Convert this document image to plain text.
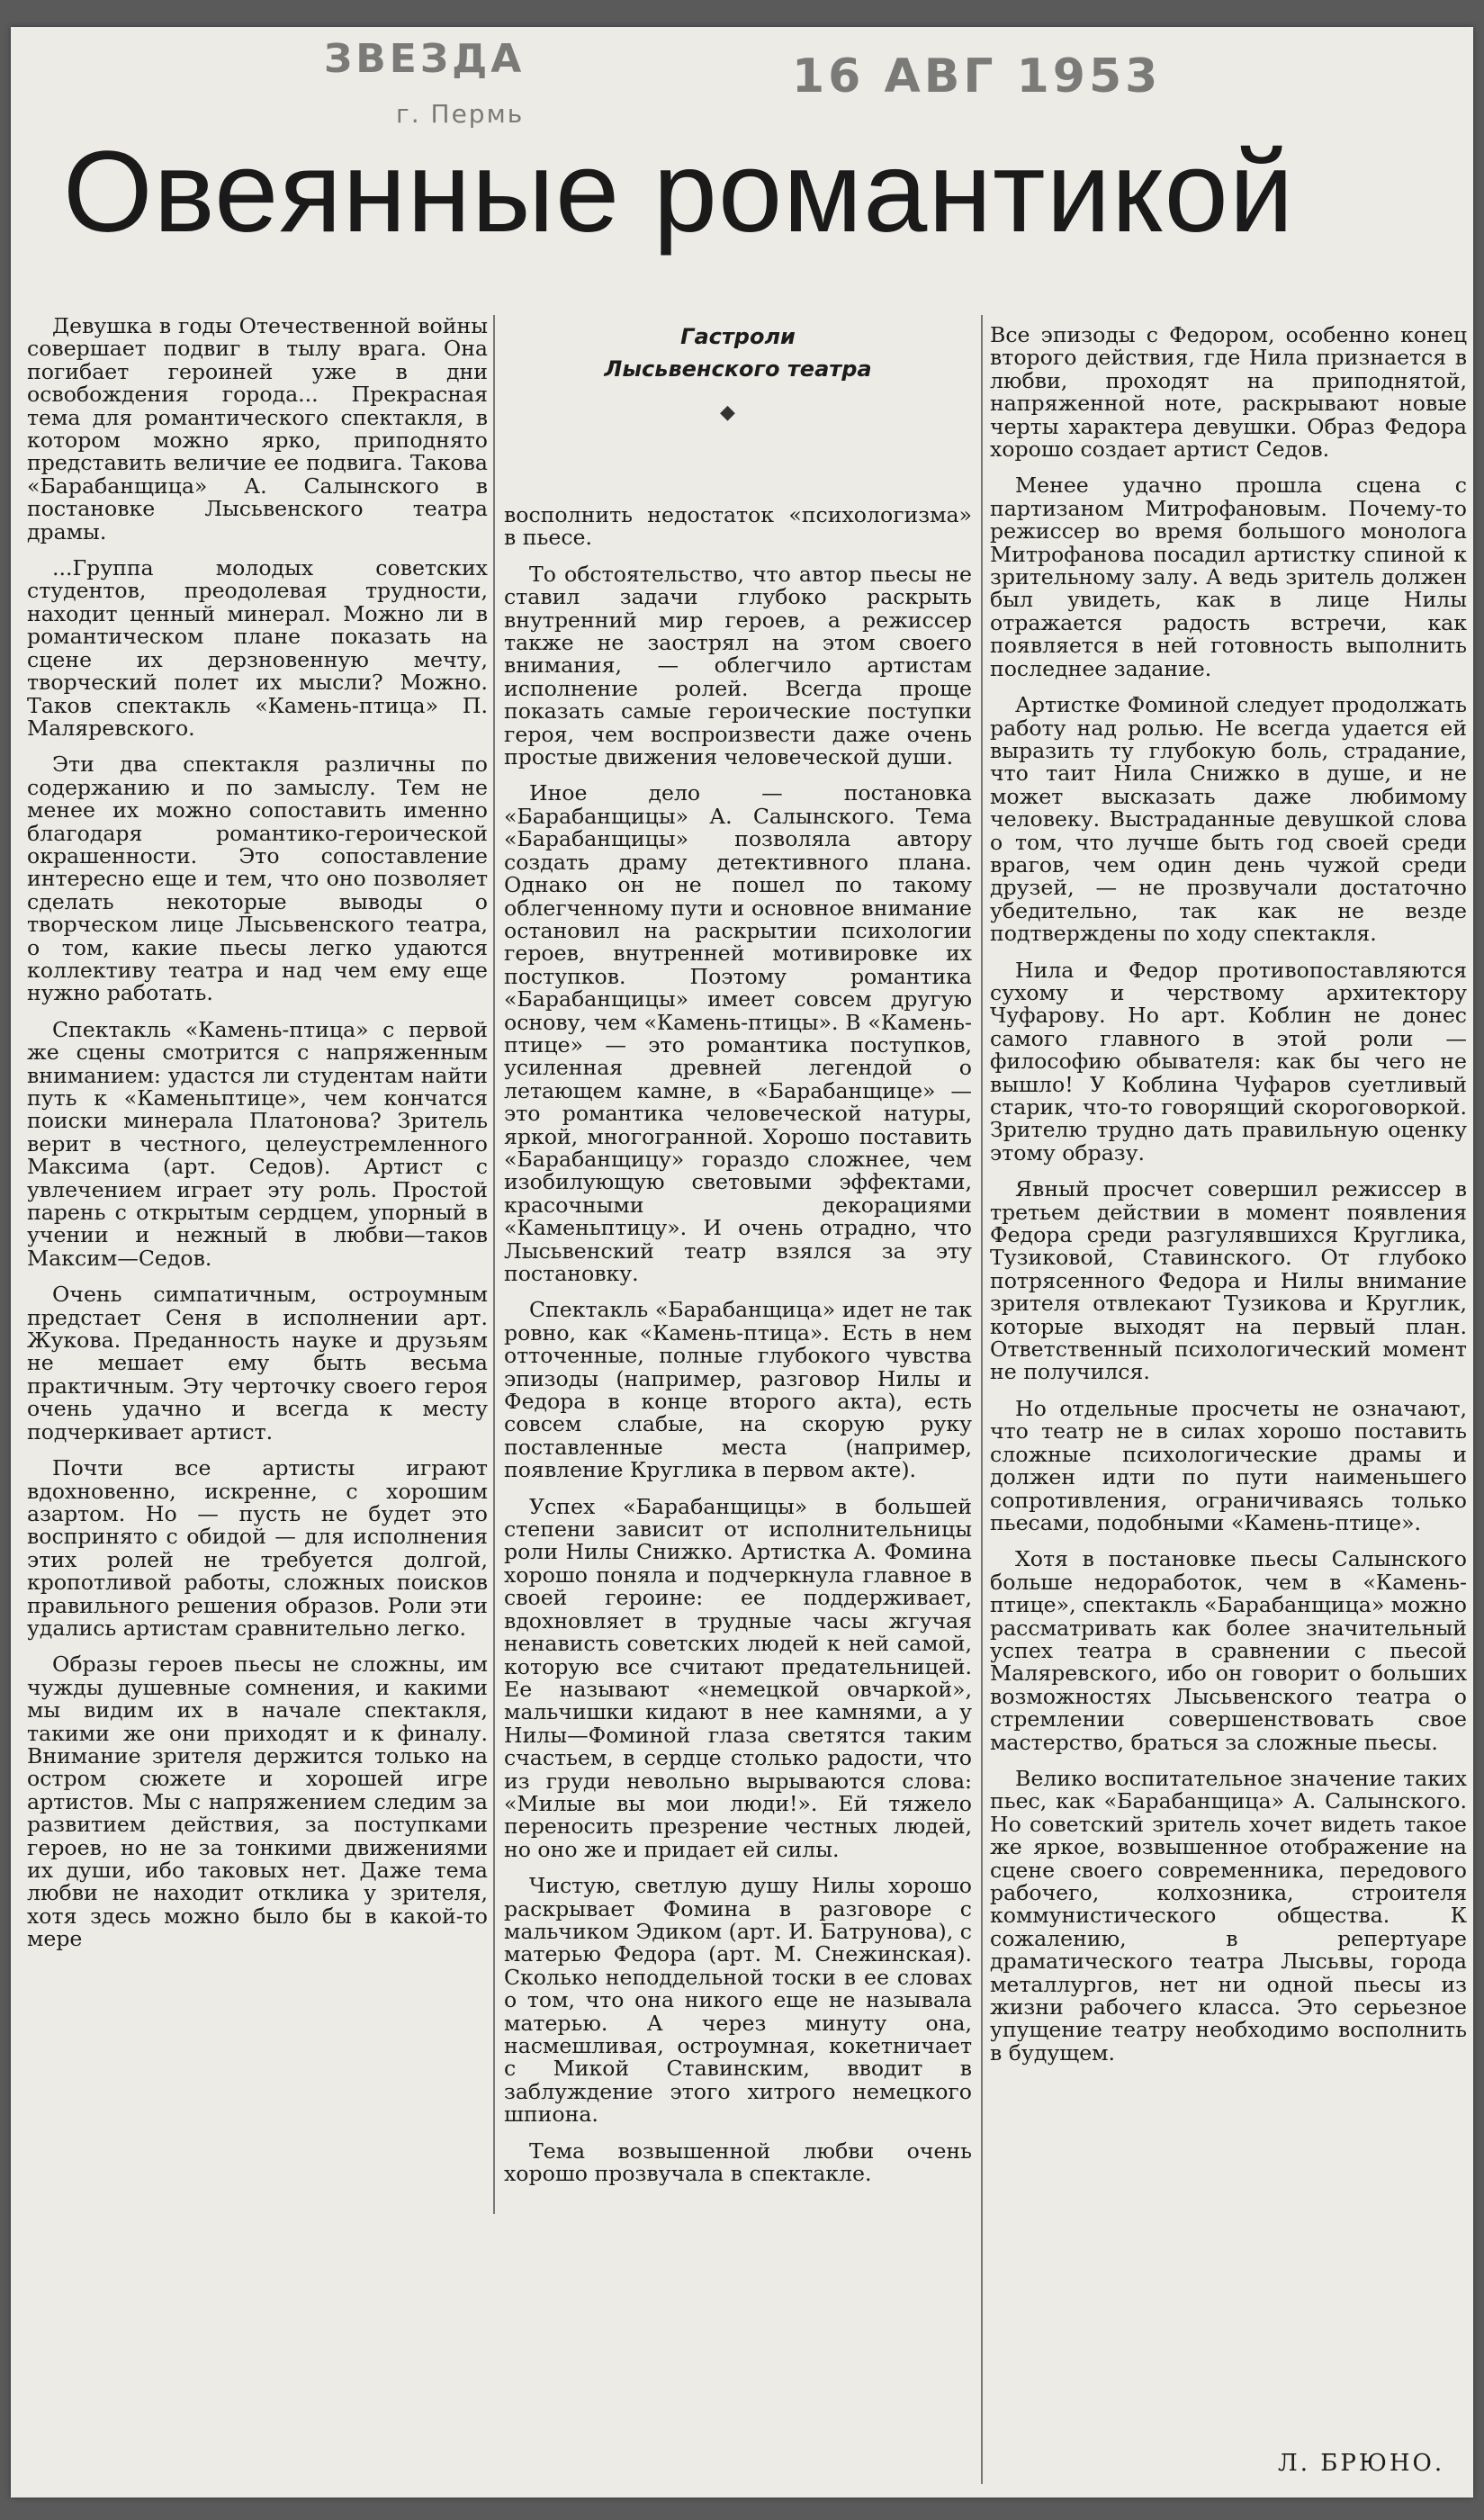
ЗВЕЗДА
г. Пермь
16 АВГ 1953
Овеянные романтикой
Гастроли
Лысьвенского театра
◆

Девушка в годы Отечественной войны совершает подвиг в тылу врага. Она погибает героиней уже в дни освобождения города... Прекрасная тема для романтического спектакля, в котором можно ярко, приподнято представить величие ее подвига. Такова «Барабанщица» А. Салынского в постановке Лысьвенского театра драмы.

...Группа молодых советских студентов, преодолевая трудности, находит ценный минерал. Можно ли в романтическом плане показать на сцене их дерзновенную мечту, творческий полет их мысли? Можно. Таков спектакль «Камень-птица» П. Маляревского.

Эти два спектакля различны по содержанию и по замыслу. Тем не менее их можно сопоставить именно благодаря романтико-героической окрашенности. Это сопоставление интересно еще и тем, что оно позволяет сделать некоторые выводы о творческом лице Лысьвенского театра, о том, какие пьесы легко удаются коллективу театра и над чем ему еще нужно работать.

Спектакль «Камень-птица» с первой же сцены смотрится с напряженным вниманием: удастся ли студентам найти путь к «Каменьптице», чем кончатся поиски минерала Платонова? Зритель верит в честного, целеустремленного Максима (арт. Седов). Артист с увлечением играет эту роль. Простой парень с открытым сердцем, упорный в учении и нежный в любви—таков Максим—Седов.

Очень симпатичным, остроумным предстает Сеня в исполнении арт. Жукова. Преданность науке и друзьям не мешает ему быть весьма практичным. Эту черточку своего героя очень удачно и всегда к месту подчеркивает артист.

Почти все артисты играют вдохновенно, искренне, с хорошим азартом. Но — пусть не будет это воспринято с обидой — для исполнения этих ролей не требуется долгой, кропотливой работы, сложных поисков правильного решения образов. Роли эти удались артистам сравнительно легко.

Образы героев пьесы не сложны, им чужды душевные сомнения, и какими мы видим их в начале спектакля, такими же они приходят и к финалу. Внимание зрителя держится только на остром сюжете и хорошей игре артистов. Мы с напряжением следим за развитием действия, за поступками героев, но не за тонкими движениями их души, ибо таковых нет. Даже тема любви не находит отклика у зрителя, хотя здесь можно было бы в какой-то мере

восполнить недостаток «психологизма» в пьесе.

То обстоятельство, что автор пьесы не ставил задачи глубоко раскрыть внутренний мир героев, а режиссер также не заострял на этом своего внимания, — облегчило артистам исполнение ролей. Всегда проще показать самые героические поступки героя, чем воспроизвести даже очень простые движения человеческой души.

Иное дело — постановка «Барабанщицы» А. Салынского. Тема «Барабанщицы» позволяла автору создать драму детективного плана. Однако он не пошел по такому облегченному пути и основное внимание остановил на раскрытии психологии героев, внутренней мотивировке их поступков. Поэтому романтика «Барабанщицы» имеет совсем другую основу, чем «Камень-птицы». В «Камень-птице» — это романтика поступков, усиленная древней легендой о летающем камне, в «Барабанщице» — это романтика человеческой натуры, яркой, многогранной. Хорошо поставить «Барабанщицу» гораздо сложнее, чем изобилующую световыми эффектами, красочными декорациями «Каменьптицу». И очень отрадно, что Лысьвенский театр взялся за эту постановку.

Спектакль «Барабанщица» идет не так ровно, как «Камень-птица». Есть в нем отточенные, полные глубокого чувства эпизоды (например, разговор Нилы и Федора в конце второго акта), есть совсем слабые, на скорую руку поставленные места (например, появление Круглика в первом акте).

Успех «Барабанщицы» в большей степени зависит от исполнительницы роли Нилы Снижко. Артистка А. Фомина хорошо поняла и подчеркнула главное в своей героине: ее поддерживает, вдохновляет в трудные часы жгучая ненависть советских людей к ней самой, которую все считают предательницей. Ее называют «немецкой овчаркой», мальчишки кидают в нее камнями, а у Нилы—Фоминой глаза светятся таким счастьем, в сердце столько радости, что из груди невольно вырываются слова: «Милые вы мои люди!». Ей тяжело переносить презрение честных людей, но оно же и придает ей силы.

Чистую, светлую душу Нилы хорошо раскрывает Фомина в разговоре с мальчиком Эдиком (арт. И. Батрунова), с матерью Федора (арт. М. Снежинская). Сколько неподдельной тоски в ее словах о том, что она никого еще не называла матерью. А через минуту она, насмешливая, остроумная, кокетничает с Микой Ставинским, вводит в заблуждение этого хитрого немецкого шпиона.

Тема возвышенной любви очень хорошо прозвучала в спектакле.

Все эпизоды с Федором, особенно конец второго действия, где Нила признается в любви, проходят на приподнятой, напряженной ноте, раскрывают новые черты характера девушки. Образ Федора хорошо создает артист Седов.

Менее удачно прошла сцена с партизаном Митрофановым. Почему-то режиссер во время большого монолога Митрофанова посадил артистку спиной к зрительному залу. А ведь зритель должен был увидеть, как в лице Нилы отражается радость встречи, как появляется в ней готовность выполнить последнее задание.

Артистке Фоминой следует продолжать работу над ролью. Не всегда удается ей выразить ту глубокую боль, страдание, что таит Нила Снижко в душе, и не может высказать даже любимому человеку. Выстраданные девушкой слова о том, что лучше быть год своей среди врагов, чем один день чужой среди друзей, — не прозвучали достаточно убедительно, так как не везде подтверждены по ходу спектакля.

Нила и Федор противопоставляются сухому и черствому архитектору Чуфарову. Но арт. Коблин не донес самого главного в этой роли — философию обывателя: как бы чего не вышло! У Коблина Чуфаров суетливый старик, что-то говорящий скороговоркой. Зрителю трудно дать правильную оценку этому образу.

Явный просчет совершил режиссер в третьем действии в момент появления Федора среди разгулявшихся Круглика, Тузиковой, Ставинского. От глубоко потрясенного Федора и Нилы внимание зрителя отвлекают Тузикова и Круглик, которые выходят на первый план. Ответственный психологический момент не получился.

Но отдельные просчеты не означают, что театр не в силах хорошо поставить сложные психологические драмы и должен идти по пути наименьшего сопротивления, ограничиваясь только пьесами, подобными «Камень-птице».

Хотя в постановке пьесы Салынского больше недоработок, чем в «Камень-птице», спектакль «Барабанщица» можно рассматривать как более значительный успех театра в сравнении с пьесой Маляревского, ибо он говорит о больших возможностях Лысьвенского театра о стремлении совершенствовать свое мастерство, браться за сложные пьесы.

Велико воспитательное значение таких пьес, как «Барабанщица» А. Салынского. Но советский зритель хочет видеть такое же яркое, возвышенное отображение на сцене своего современника, передового рабочего, колхозника, строителя коммунистического общества. К сожалению, в репертуаре драматического театра Лысьвы, города металлургов, нет ни одной пьесы из жизни рабочего класса. Это серьезное упущение театру необходимо восполнить в будущем.

Л. БРЮНО.
